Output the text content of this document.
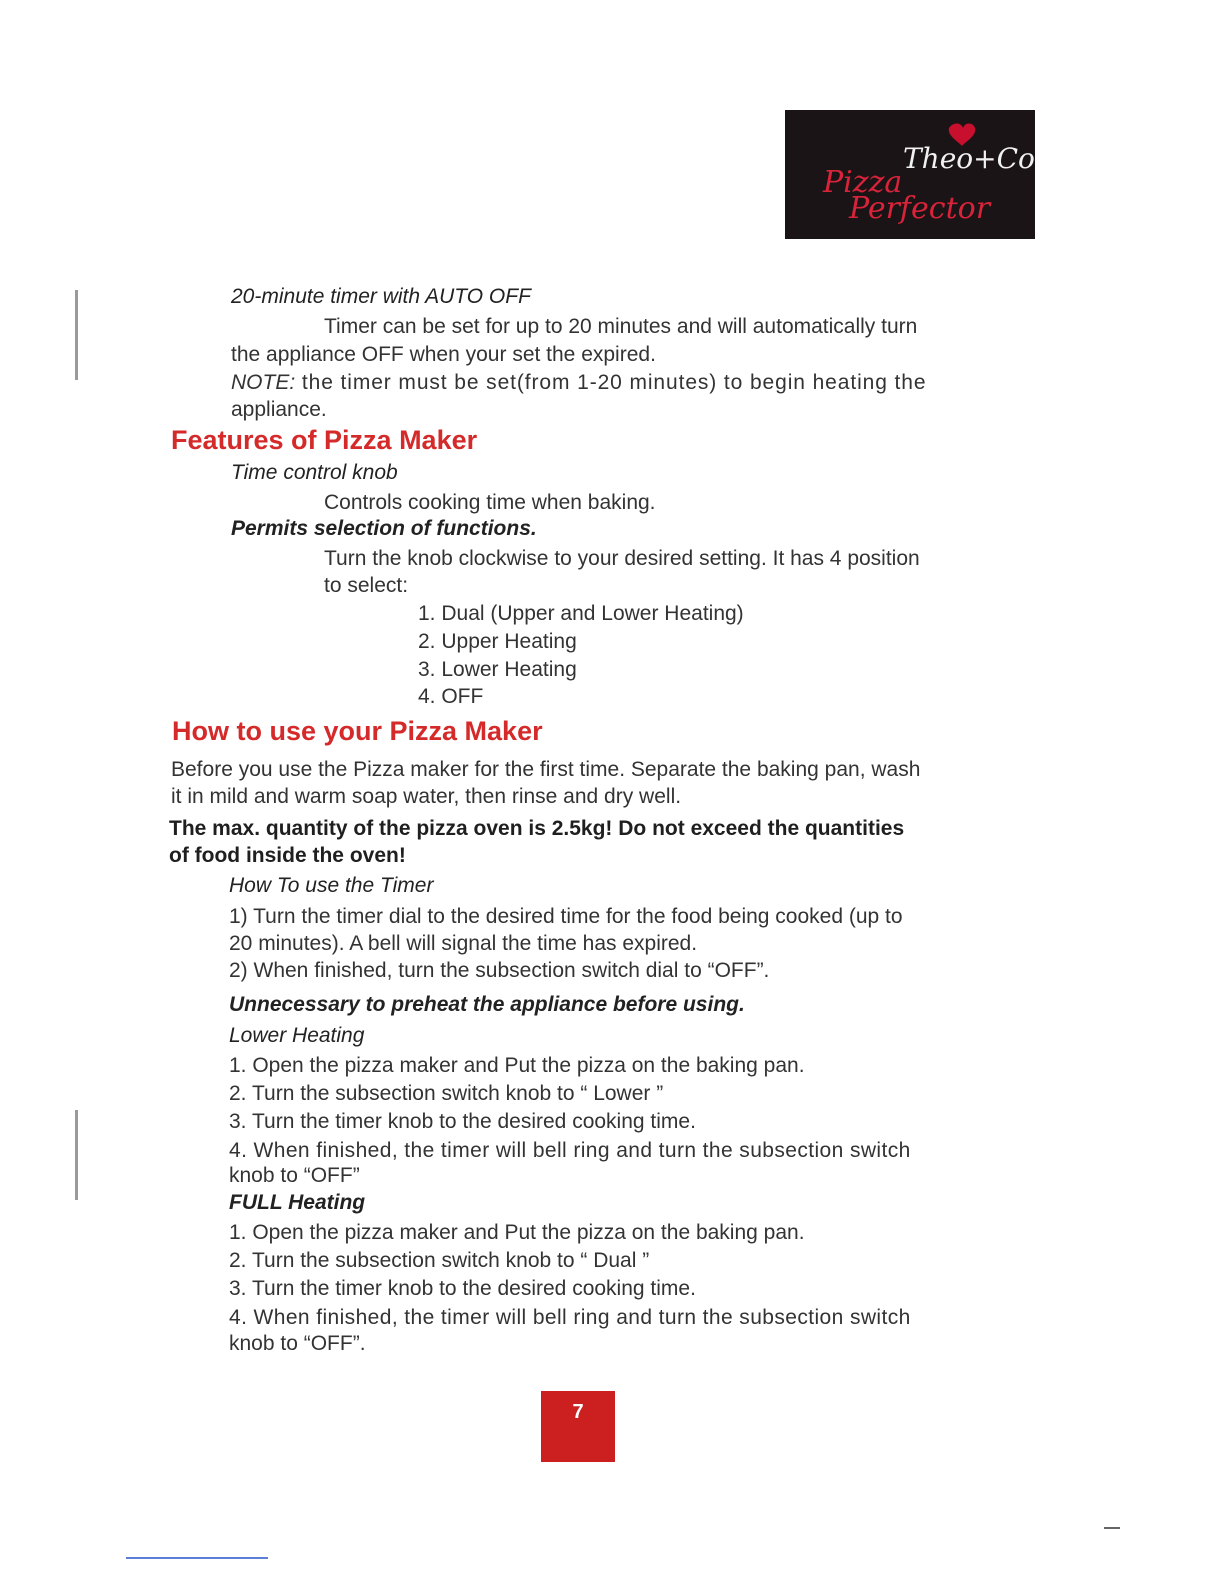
Theo+Co
Pizza
Perfector
20-minute timer with AUTO OFF
Timer can be set for up to 20 minutes and will automatically turn
the appliance OFF when your set the expired.
NOTE: the timer must be set(from 1-20 minutes) to begin heating the
appliance.
Features of Pizza Maker
Time control knob
Controls cooking time when baking.
Permits selection of functions.
Turn the knob clockwise to your desired setting. It has 4 position
to select:
1. Dual (Upper and Lower Heating)
2. Upper Heating
3. Lower Heating
4. OFF
How to use your Pizza Maker
Before you use the Pizza maker for the first time. Separate the baking pan, wash
it in mild and warm soap water, then rinse and dry well.
The max. quantity of the pizza oven is 2.5kg! Do not exceed the quantities
of food inside the oven!
How To use the Timer
1) Turn the timer dial to the desired time for the food being cooked (up to
20 minutes). A bell will signal the time has expired.
2) When finished, turn the subsection switch dial to “OFF”.
Unnecessary to preheat the appliance before using.
Lower Heating
1. Open the pizza maker and Put the pizza on the baking pan.
2. Turn the subsection switch knob to “ Lower ”
3. Turn the timer knob to the desired cooking time.
4. When finished, the timer will bell ring and turn the subsection switch
knob to “OFF”
FULL Heating
1. Open the pizza maker and Put the pizza on the baking pan.
2. Turn the subsection switch knob to “ Dual ”
3. Turn the timer knob to the desired cooking time.
4. When finished, the timer will bell ring and turn the subsection switch
knob to “OFF”.
7
